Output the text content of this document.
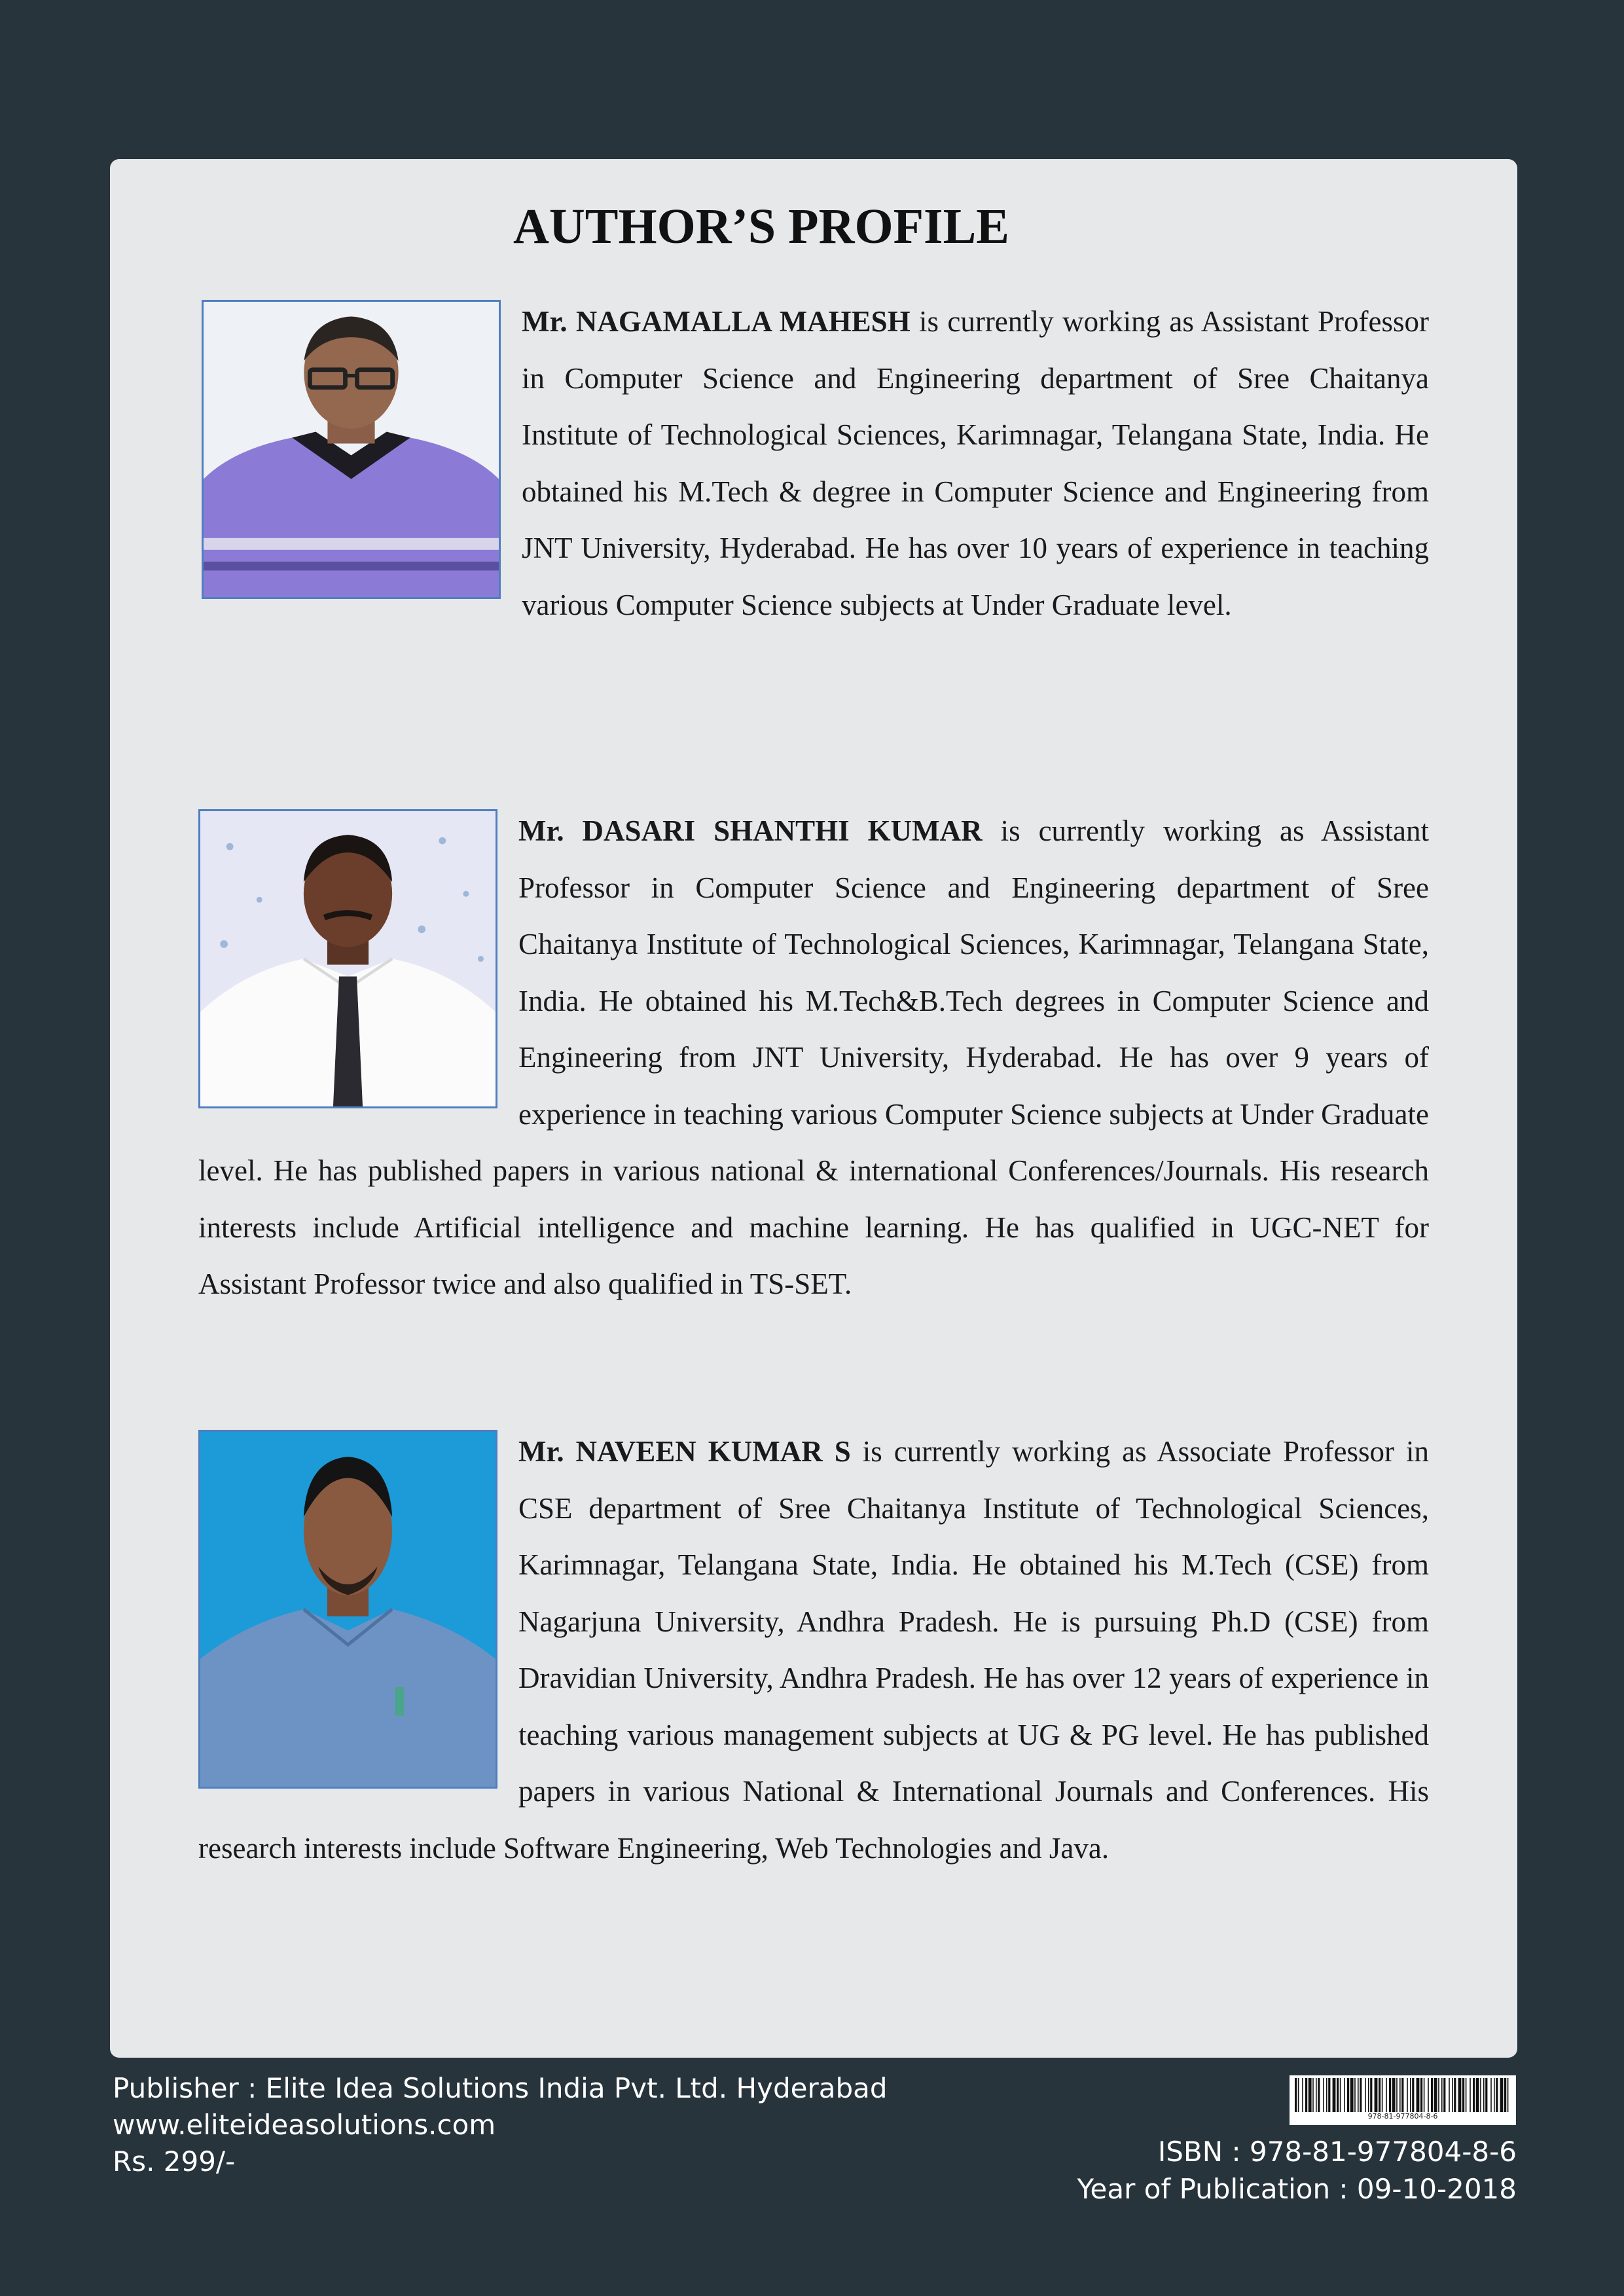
AUTHOR’S PROFILE

Mr. NAGAMALLA MAHESH is currently working as Assistant Professor in Computer Science and Engineering department of Sree Chaitanya Institute of Technological Sciences, Karimnagar, Telangana State, India. He obtained his M.Tech & degree in Computer Science and Engineering from JNT University, Hyderabad. He has over 10 years of experience in teaching various Computer Science subjects at Under Graduate level.

Mr. DASARI SHANTHI KUMAR is currently working as Assistant Professor in Computer Science and Engineering department of Sree Chaitanya Institute of Technological Sciences, Karimnagar, Telangana State, India. He obtained his M.Tech&B.Tech degrees in Computer Science and Engineering from JNT University, Hyderabad. He has over 9 years of experience in teaching various Computer Science subjects at Under Graduate level. He has published papers in various national & international Conferences/Journals. His research interests include Artificial intelligence and machine learning. He has qualified in UGC-NET for Assistant Professor twice and also qualified in TS-SET.

Mr. NAVEEN KUMAR S is currently working as Associate Professor in CSE department of Sree Chaitanya Institute of Technological Sciences, Karimnagar, Telangana State, India. He obtained his M.Tech (CSE) from Nagarjuna University, Andhra Pradesh. He is pursuing Ph.D (CSE) from Dravidian University, Andhra Pradesh. He has over 12 years of experience in teaching various management subjects at UG & PG level. He has published papers in various National & International Journals and Conferences. His research interests include Software Engineering, Web Technologies and Java.

Publisher : Elite Idea Solutions India Pvt. Ltd. Hyderabad
www.eliteideasolutions.com
Rs. 299/-
978-81-977804-8-6
ISBN : 978-81-977804-8-6
Year of Publication : 09-10-2018
